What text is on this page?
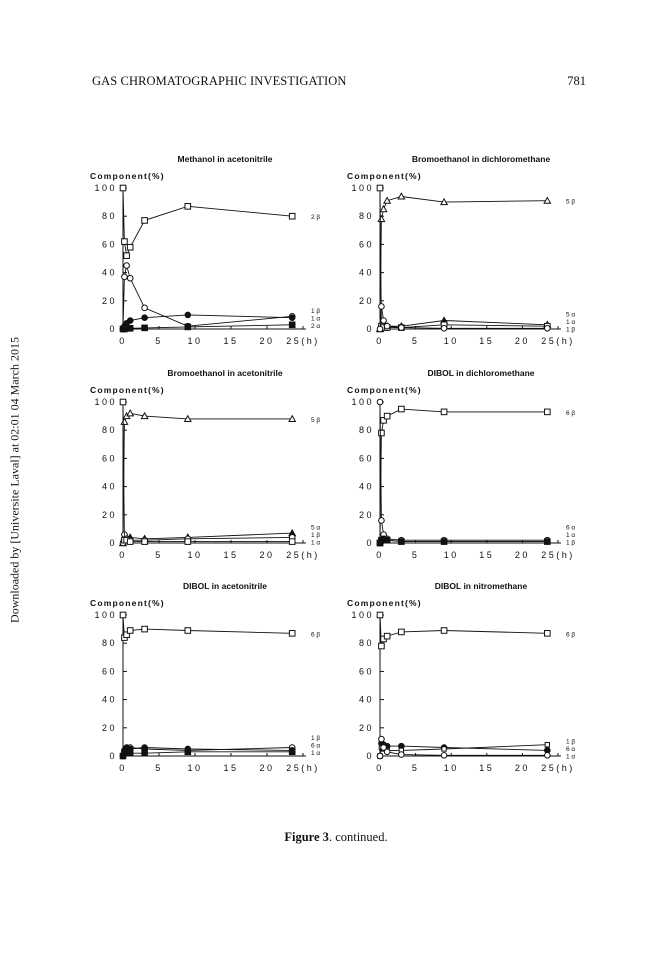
GAS CHROMATOGRAPHIC INVESTIGATION	781
Downloaded by [Universite Laval] at 02:01 04 March 2015
Methanol in acetonitrile
Component(%)
0
20
40
60
80
100
0	5	10 15 20 25(h)
2 α
1 α
1 β
2 β
Bromoethanol in dichloromethane
Component(%)
0
20
40
60
80
100
0	5	10 15 20 25(h)
1 β
1 α
5 α
5 β
Bromoethanol in acetonitrile
Component(%)
0
20
40
60
80
100
0	5	10 15 20 25(h)
1 α
1 β
5 α
5 β
DIBOL in dichloromethane
Component(%)
0
20
40
60
80
100
0	5	10 15 20 25(h)
1 β
1 α
6 α
6 β
DIBOL in acetonitrile
Component(%)
0
20
40
60
80
100
0	5	10 15 20 25(h)
1 α
6 α
1 β
6 β
DIBOL in nitromethane
Component(%)
0
20
40
60
80
100
0	5	10 15 20 25(h)
1 α
6 α
1 β
6 β
Figure 3. continued.
